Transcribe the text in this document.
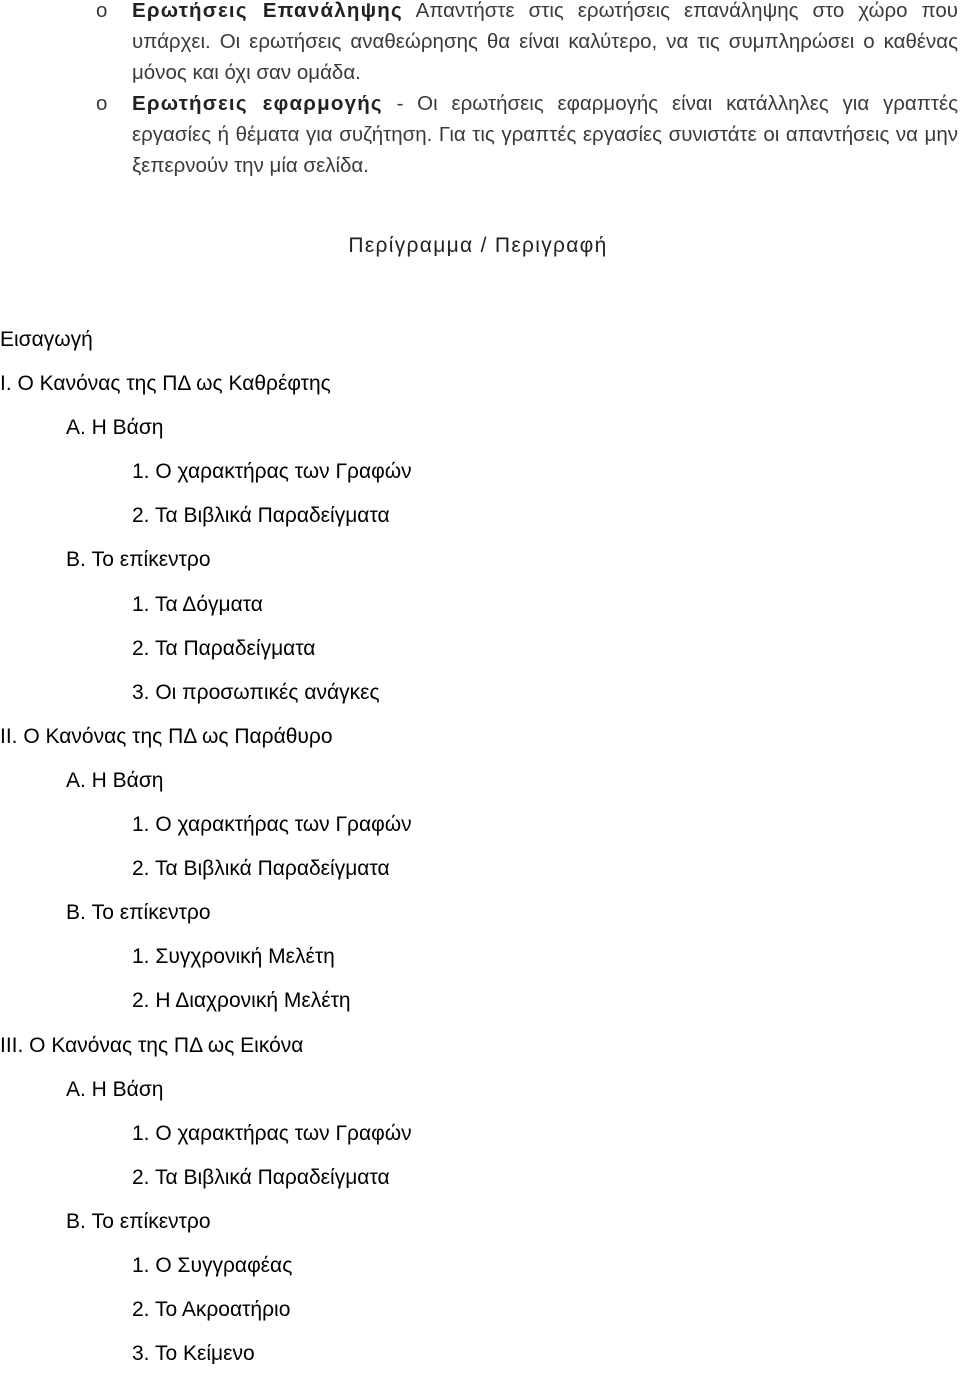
o Ερωτήσεις Επανάληψης Απαντήστε στις ερωτήσεις επανάληψης στο χώρο που υπάρχει. Οι ερωτήσεις αναθεώρησης θα είναι καλύτερο, να τις συμπληρώσει ο καθένας μόνος και όχι σαν ομάδα.
o Ερωτήσεις εφαρμογής - Οι ερωτήσεις εφαρμογής είναι κατάλληλες για γραπτές εργασίες ή θέματα για συζήτηση. Για τις γραπτές εργασίες συνιστάτε οι απαντήσεις να μην ξεπερνούν την μία σελίδα.
Περίγραμμα / Περιγραφή
Εισαγωγή
I. Ο Κανόνας της ΠΔ ως Καθρέφτης
A. Η Βάση
1. Ο χαρακτήρας των Γραφών
2. Τα Βιβλικά Παραδείγματα
B. Το επίκεντρο
1. Τα Δόγματα
2. Τα Παραδείγματα
3. Οι προσωπικές ανάγκες
II. Ο Κανόνας της ΠΔ ως Παράθυρο
A. Η Βάση
1. Ο χαρακτήρας των Γραφών
2. Τα Βιβλικά Παραδείγματα
B. Το επίκεντρο
1. Συγχρονική Μελέτη
2. Η Διαχρονική Μελέτη
III. Ο Κανόνας της ΠΔ ως Εικόνα
A. Η Βάση
1. Ο χαρακτήρας των Γραφών
2. Τα Βιβλικά Παραδείγματα
B. Το επίκεντρο
1. Ο Συγγραφέας
2. Το Ακροατήριο
3. Το Κείμενο
